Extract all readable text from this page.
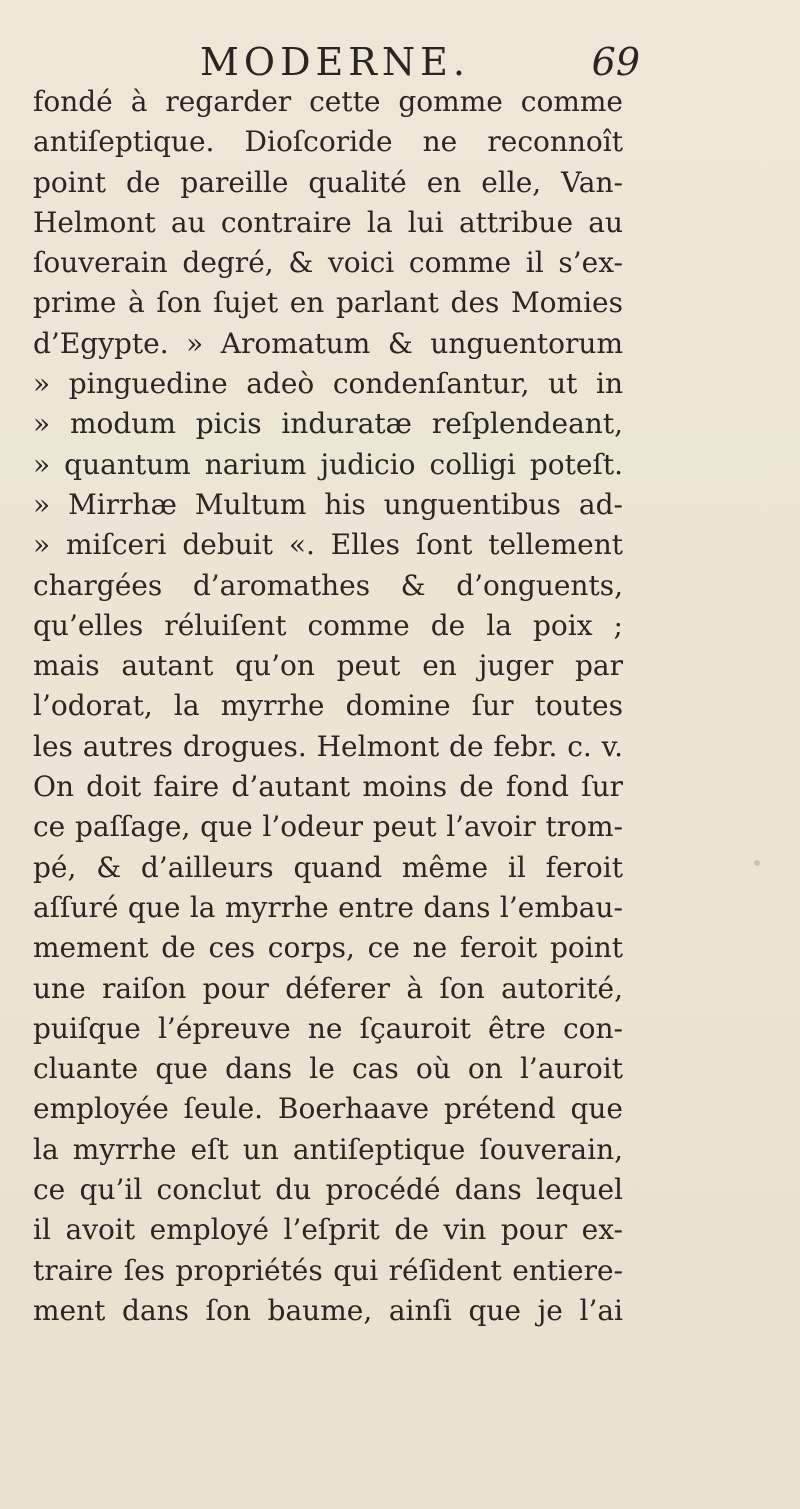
MODERNE.	69
fondé à regarder cette gomme comme
antiſeptique. Dioſcoride ne reconnoît
point de pareille qualité en elle, Van-
Helmont au contraire la lui attribue au
ſouverain degré, & voici comme il s’ex-
prime à ſon ſujet en parlant des Momies
d’Egypte. » Aromatum & unguentorum
» pinguedine adeò condenſantur, ut in
» modum picis induratæ reſplendeant,
» quantum narium judicio colligi poteſt.
» Mirrhæ Multum his unguentibus ad-
» miſceri debuit «. Elles ſont tellement
chargées d’aromathes & d’onguents,
qu’elles réluiſent comme de la poix ;
mais autant qu’on peut en juger par
l’odorat, la myrrhe domine ſur toutes
les autres drogues. Helmont de febr. c. v.
On doit faire d’autant moins de fond ſur
ce paſſage, que l’odeur peut l’avoir trom-
pé, & d’ailleurs quand même il feroit
aſſuré que la myrrhe entre dans l’embau-
mement de ces corps, ce ne feroit point
une raiſon pour déferer à ſon autorité,
puiſque l’épreuve ne ſçauroit être con-
cluante que dans le cas où on l’auroit
employée ſeule. Boerhaave prétend que
la myrrhe eſt un antiſeptique ſouverain,
ce qu’il conclut du procédé dans lequel
il avoit employé l’eſprit de vin pour ex-
traire ſes propriétés qui réſident entiere-
ment dans ſon baume, ainſi que je l’ai
